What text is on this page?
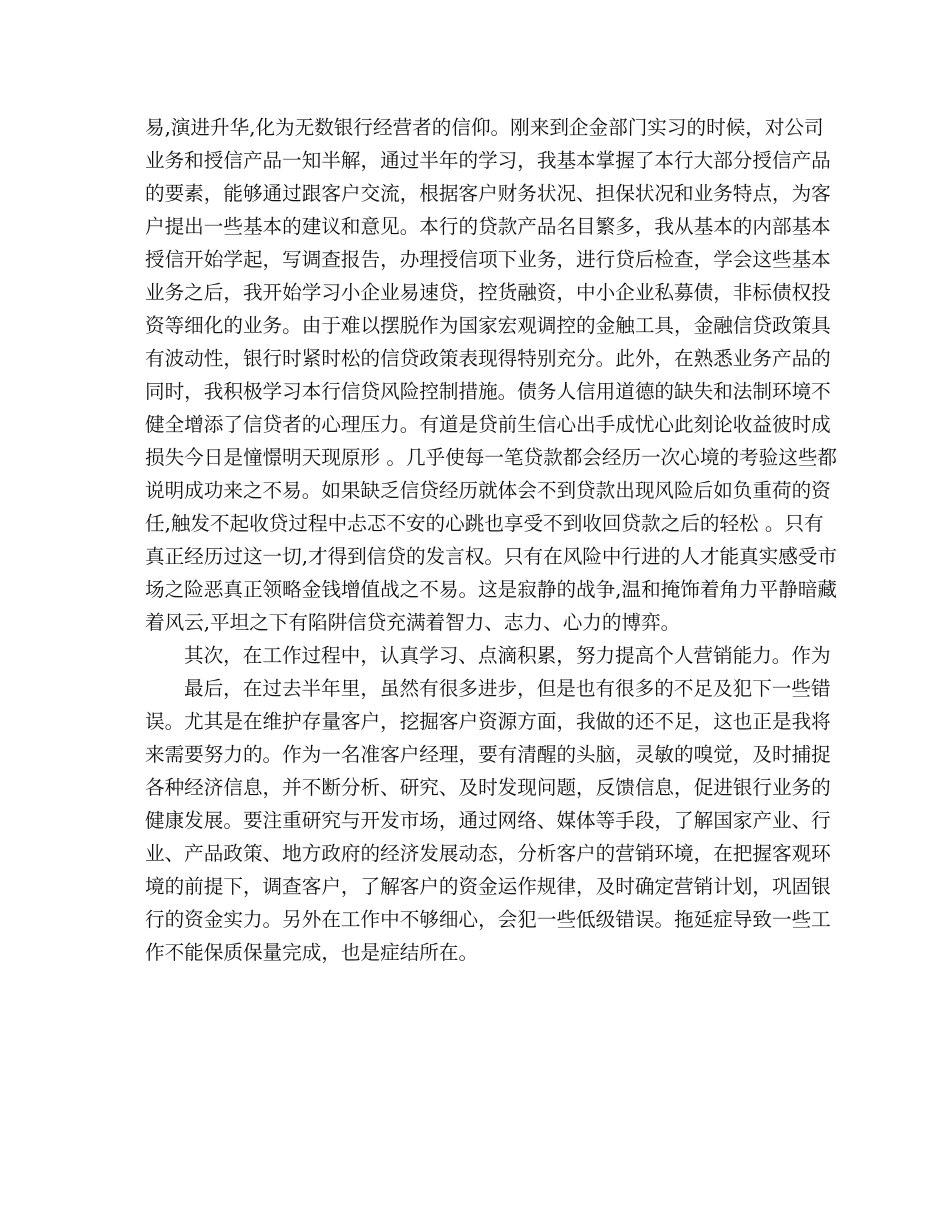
易,演进升华,化为无数银行经营者的信仰。刚来到企金部门实习的时候，对公司
业务和授信产品一知半解，通过半年的学习，我基本掌握了本行大部分授信产品
的要素，能够通过跟客户交流，根据客户财务状况、担保状况和业务特点，为客
户提出一些基本的建议和意见。本行的贷款产品名目繁多，我从基本的内部基本
授信开始学起，写调查报告，办理授信项下业务，进行贷后检查，学会这些基本
业务之后，我开始学习小企业易速贷，控货融资，中小企业私募债，非标债权投
资等细化的业务。由于难以摆脱作为国家宏观调控的金触工具，金融信贷政策具
有波动性，银行时紧时松的信贷政策表现得特别充分。此外，在熟悉业务产品的
同时，我积极学习本行信贷风险控制措施。债务人信用道德的缺失和法制环境不
健全增添了信贷者的心理压力。有道是贷前生信心出手成忧心此刻论收益彼时成
损失今日是憧憬明天现原形 。几乎使每一笔贷款都会经历一次心境的考验这些都
说明成功来之不易。如果缺乏信贷经历就体会不到贷款出现风险后如负重荷的资
任,触发不起收贷过程中忐忑不安的心跳也享受不到收回贷款之后的轻松 。只有
真正经历过这一切,才得到信贷的发言权。只有在风险中行进的人才能真实感受市
场之险恶真正领略金钱增值战之不易。这是寂静的战争,温和掩饰着角力平静暗藏
着风云,平坦之下有陷阱信贷充满着智力、志力、心力的博弈。
其次，在工作过程中，认真学习、点滴积累，努力提高个人营销能力。作为
最后，在过去半年里，虽然有很多进步，但是也有很多的不足及犯下一些错
误。尤其是在维护存量客户，挖掘客户资源方面，我做的还不足，这也正是我将
来需要努力的。作为一名准客户经理，要有清醒的头脑，灵敏的嗅觉，及时捕捉
各种经济信息，并不断分析、研究、及时发现问题，反馈信息，促进银行业务的
健康发展。要注重研究与开发市场，通过网络、媒体等手段，了解国家产业、行
业、产品政策、地方政府的经济发展动态，分析客户的营销环境，在把握客观环
境的前提下，调查客户，了解客户的资金运作规律，及时确定营销计划，巩固银
行的资金实力。另外在工作中不够细心，会犯一些低级错误。拖延症导致一些工
作不能保质保量完成，也是症结所在。
